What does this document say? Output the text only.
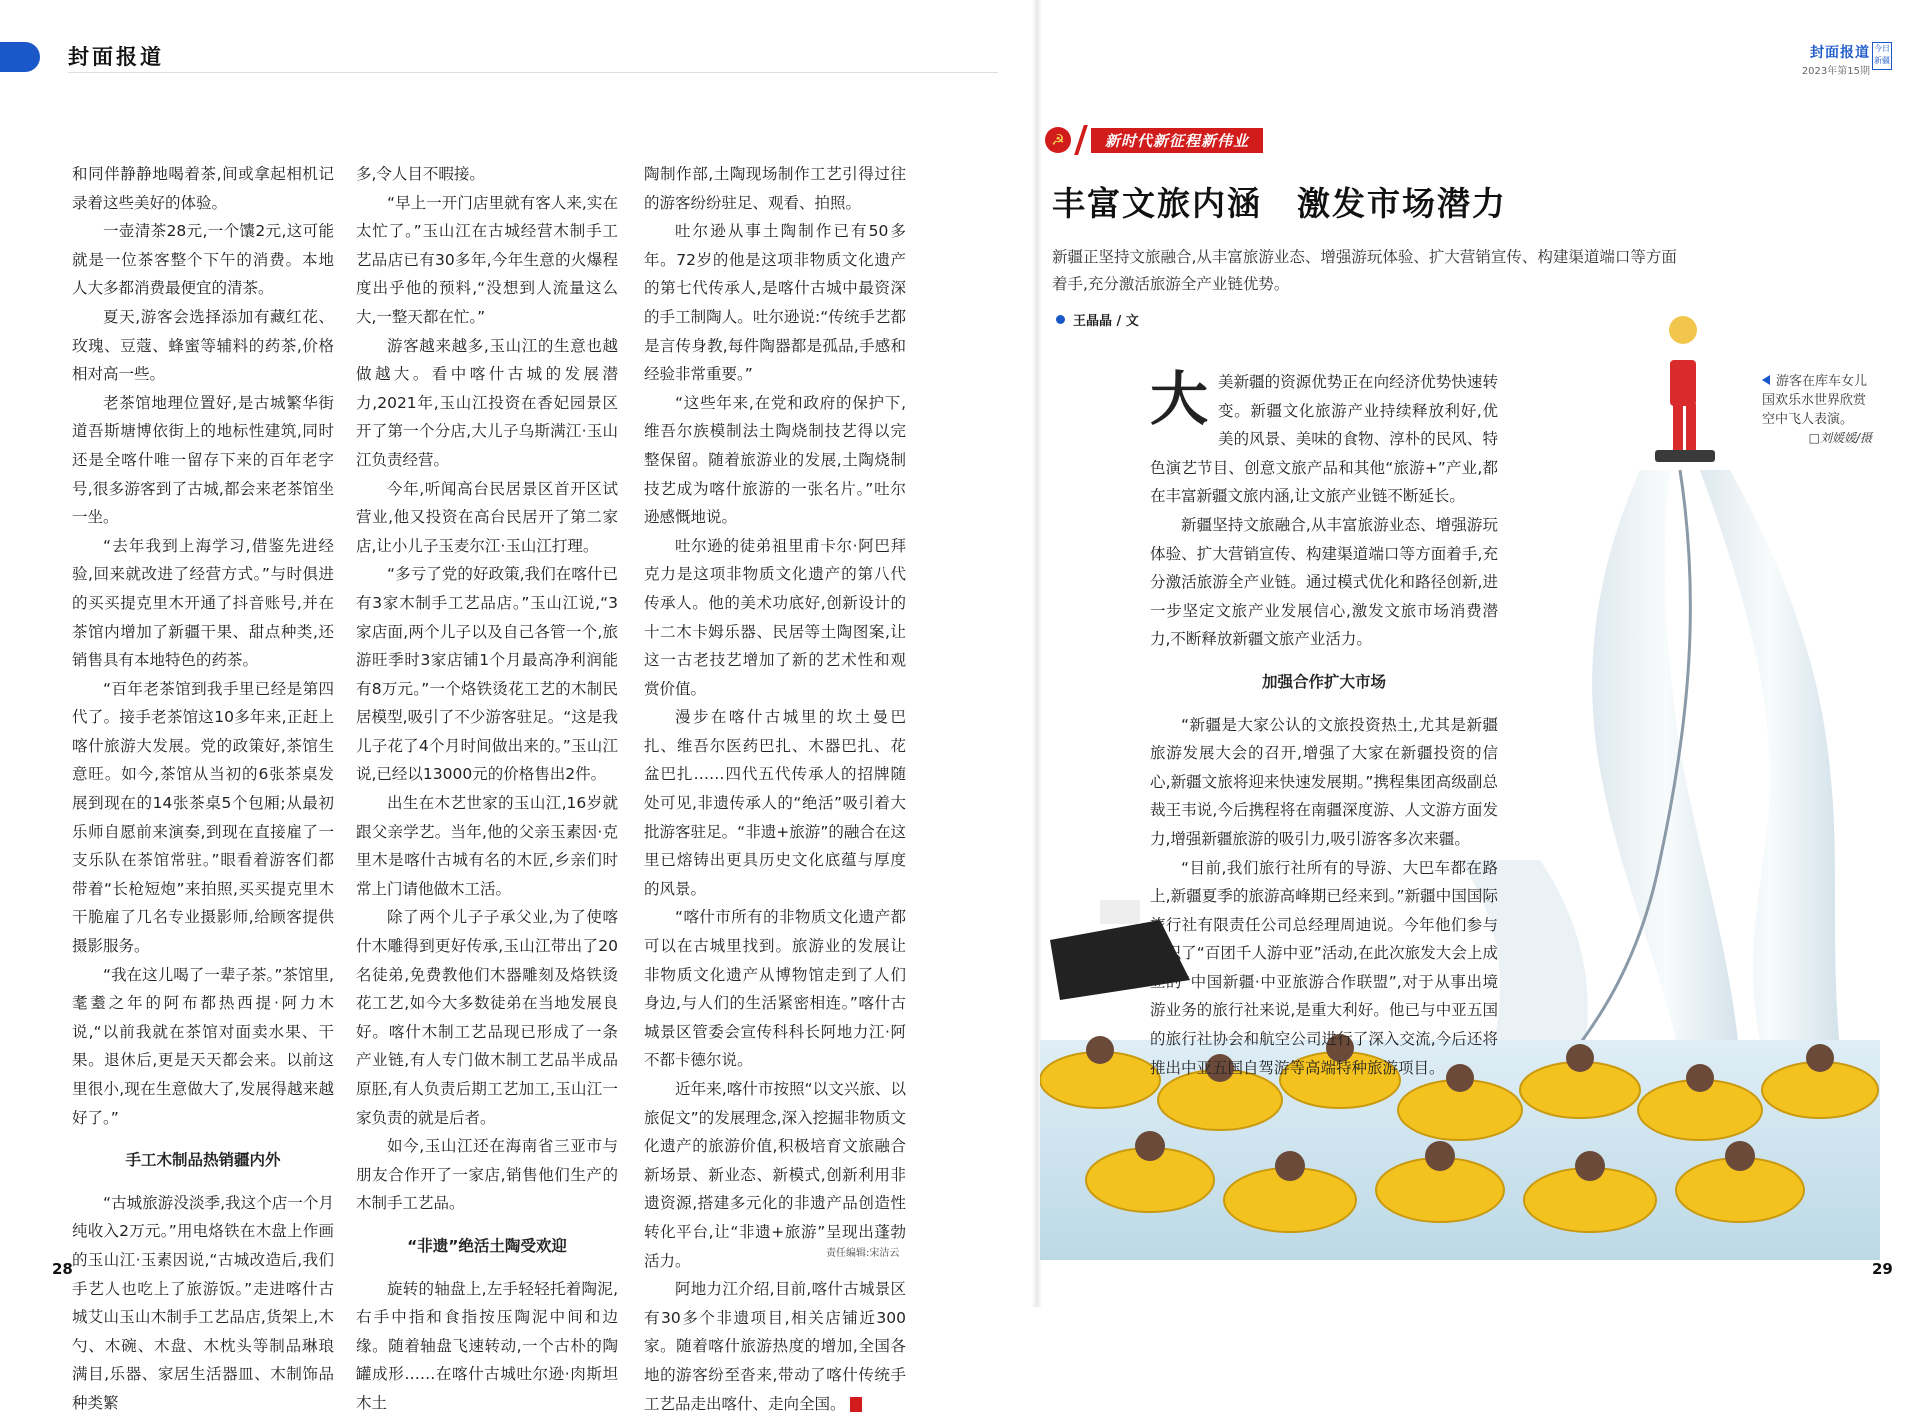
封面报道

和同伴静静地喝着茶,间或拿起相机记录着这些美好的体验。

一壶清茶28元,一个馕2元,这可能就是一位茶客整个下午的消费。本地人大多都消费最便宜的清茶。

夏天,游客会选择添加有藏红花、玫瑰、豆蔻、蜂蜜等辅料的药茶,价格相对高一些。

老茶馆地理位置好,是古城繁华街道吾斯塘博依街上的地标性建筑,同时还是全喀什唯一留存下来的百年老字号,很多游客到了古城,都会来老茶馆坐一坐。

“去年我到上海学习,借鉴先进经验,回来就改进了经营方式。”与时俱进的买买提克里木开通了抖音账号,并在茶馆内增加了新疆干果、甜点种类,还销售具有本地特色的药茶。

“百年老茶馆到我手里已经是第四代了。接手老茶馆这10多年来,正赶上喀什旅游大发展。党的政策好,茶馆生意旺。如今,茶馆从当初的6张茶桌发展到现在的14张茶桌5个包厢;从最初乐师自愿前来演奏,到现在直接雇了一支乐队在茶馆常驻。”眼看着游客们都带着“长枪短炮”来拍照,买买提克里木干脆雇了几名专业摄影师,给顾客提供摄影服务。

“我在这儿喝了一辈子茶。”茶馆里,耄耋之年的阿布都热西提·阿力木说,“以前我就在茶馆对面卖水果、干果。退休后,更是天天都会来。以前这里很小,现在生意做大了,发展得越来越好了。”

手工木制品热销疆内外

“古城旅游没淡季,我这个店一个月纯收入2万元。”用电烙铁在木盘上作画的玉山江·玉素因说,“古城改造后,我们手艺人也吃上了旅游饭。”走进喀什古城艾山玉山木制手工艺品店,货架上,木勺、木碗、木盘、木枕头等制品琳琅满目,乐器、家居生活器皿、木制饰品种类繁

多,令人目不暇接。

“早上一开门店里就有客人来,实在太忙了。”玉山江在古城经营木制手工艺品店已有30多年,今年生意的火爆程度出乎他的预料,“没想到人流量这么大,一整天都在忙。”

游客越来越多,玉山江的生意也越做越大。看中喀什古城的发展潜力,2021年,玉山江投资在香妃园景区开了第一个分店,大儿子乌斯满江·玉山江负责经营。

今年,听闻高台民居景区首开区试营业,他又投资在高台民居开了第二家店,让小儿子玉麦尔江·玉山江打理。

“多亏了党的好政策,我们在喀什已有3家木制手工艺品店。”玉山江说,“3家店面,两个儿子以及自己各管一个,旅游旺季时3家店铺1个月最高净利润能有8万元。”一个烙铁烫花工艺的木制民居模型,吸引了不少游客驻足。“这是我儿子花了4个月时间做出来的。”玉山江说,已经以13000元的价格售出2件。

出生在木艺世家的玉山江,16岁就跟父亲学艺。当年,他的父亲玉素因·克里木是喀什古城有名的木匠,乡亲们时常上门请他做木工活。

除了两个儿子子承父业,为了使喀什木雕得到更好传承,玉山江带出了20名徒弟,免费教他们木器雕刻及烙铁烫花工艺,如今大多数徒弟在当地发展良好。喀什木制工艺品现已形成了一条产业链,有人专门做木制工艺品半成品原胚,有人负责后期工艺加工,玉山江一家负责的就是后者。

如今,玉山江还在海南省三亚市与朋友合作开了一家店,销售他们生产的木制手工艺品。

“非遗”绝活土陶受欢迎

旋转的轴盘上,左手轻轻托着陶泥,右手中指和食指按压陶泥中间和边缘。随着轴盘飞速转动,一个古朴的陶罐成形……在喀什古城吐尔逊·肉斯坦木土

陶制作部,土陶现场制作工艺引得过往的游客纷纷驻足、观看、拍照。

吐尔逊从事土陶制作已有50多年。72岁的他是这项非物质文化遗产的第七代传承人,是喀什古城中最资深的手工制陶人。吐尔逊说:“传统手艺都是言传身教,每件陶器都是孤品,手感和经验非常重要。”

“这些年来,在党和政府的保护下,维吾尔族模制法土陶烧制技艺得以完整保留。随着旅游业的发展,土陶烧制技艺成为喀什旅游的一张名片。”吐尔逊感慨地说。

吐尔逊的徒弟祖里甫卡尔·阿巴拜克力是这项非物质文化遗产的第八代传承人。他的美术功底好,创新设计的十二木卡姆乐器、民居等土陶图案,让这一古老技艺增加了新的艺术性和观赏价值。

漫步在喀什古城里的坎土曼巴扎、维吾尔医药巴扎、木器巴扎、花盆巴扎……四代五代传承人的招牌随处可见,非遗传承人的“绝活”吸引着大批游客驻足。“非遗+旅游”的融合在这里已熔铸出更具历史文化底蕴与厚度的风景。

“喀什市所有的非物质文化遗产都可以在古城里找到。旅游业的发展让非物质文化遗产从博物馆走到了人们身边,与人们的生活紧密相连。”喀什古城景区管委会宣传科科长阿地力江·阿不都卡德尔说。

近年来,喀什市按照“以文兴旅、以旅促文”的发展理念,深入挖掘非物质文化遗产的旅游价值,积极培育文旅融合新场景、新业态、新模式,创新利用非遗资源,搭建多元化的非遗产品创造性转化平台,让“非遗+旅游”呈现出蓬勃活力。

阿地力江介绍,目前,喀什古城景区有30多个非遗项目,相关店铺近300家。随着喀什旅游热度的增加,全国各地的游客纷至沓来,带动了喀什传统手工艺品走出喀什、走向全国。

28
责任编辑:宋洁云
封面报道
2023年第15期
今日新疆
☭	新时代新征程新伟业
丰富文旅内涵　激发市场潜力
新疆正坚持文旅融合,从丰富旅游业态、增强游玩体验、扩大营销宣传、构建渠道端口等方面着手,充分激活旅游全产业链优势。
王晶晶 / 文
游客在库车女儿国欢乐水世界欣赏空中飞人表演。
□刘媛媛/摄

大美新疆的资源优势正在向经济优势快速转变。新疆文化旅游产业持续释放利好,优美的风景、美味的食物、淳朴的民风、特色演艺节目、创意文旅产品和其他“旅游+”产业,都在丰富新疆文旅内涵,让文旅产业链不断延长。

新疆坚持文旅融合,从丰富旅游业态、增强游玩体验、扩大营销宣传、构建渠道端口等方面着手,充分激活旅游全产业链。通过模式优化和路径创新,进一步坚定文旅产业发展信心,激发文旅市场消费潜力,不断释放新疆文旅产业活力。

加强合作扩大市场

“新疆是大家公认的文旅投资热土,尤其是新疆旅游发展大会的召开,增强了大家在新疆投资的信心,新疆文旅将迎来快速发展期。”携程集团高级副总裁王韦说,今后携程将在南疆深度游、人文游方面发力,增强新疆旅游的吸引力,吸引游客多次来疆。

“目前,我们旅行社所有的导游、大巴车都在路上,新疆夏季的旅游高峰期已经来到。”新疆中国国际旅行社有限责任公司总经理周迪说。今年他们参与组织了“百团千人游中亚”活动,在此次旅发大会上成立的“中国新疆·中亚旅游合作联盟”,对于从事出境游业务的旅行社来说,是重大利好。他已与中亚五国的旅行社协会和航空公司进行了深入交流,今后还将推出中亚五国自驾游等高端特种旅游项目。

29
